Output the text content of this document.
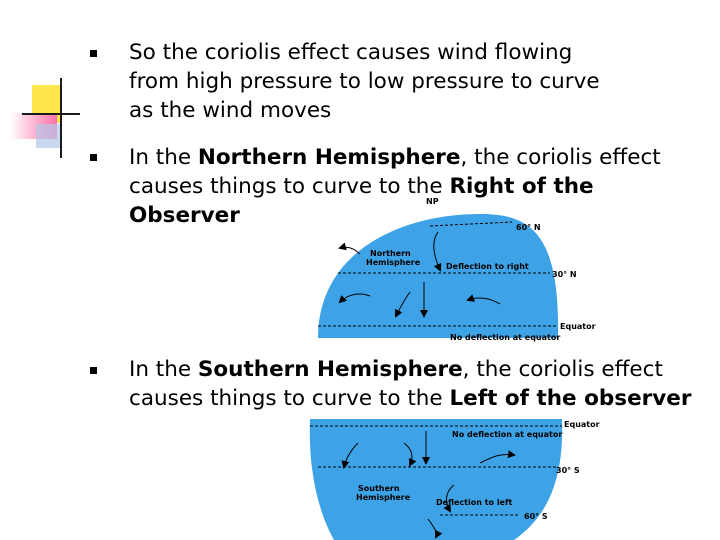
So the coriolis effect causes wind flowing
from high pressure to low pressure to curve
as the wind moves
In the Northern Hemisphere, the coriolis effect
causes things to curve to the Right of the
Observer
In the Southern Hemisphere, the coriolis effect
causes things to curve to the Left of the observer
NP
60° N
Northern
Hemisphere	Deflection to right
30° N
Equator
No deflection at equator
Equator
No deflection at equator
30° S
Southern
Hemisphere
Deflection to left
60° S
